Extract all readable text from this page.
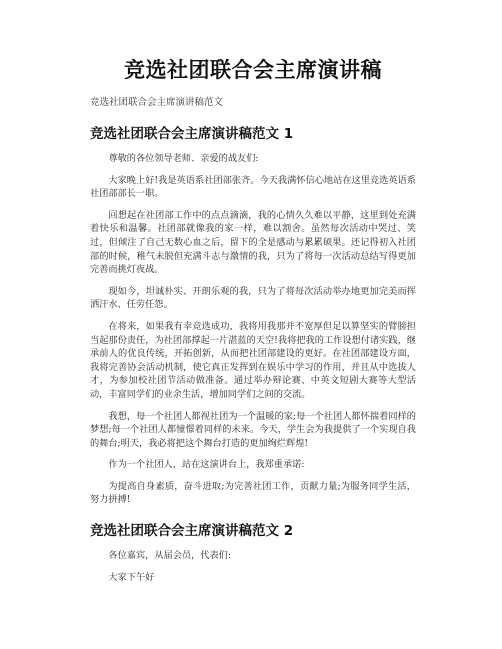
竞选社团联合会主席演讲稿

竞选社团联合会主席演讲稿范文

竞选社团联合会主席演讲稿范文 1

尊敬的各位领导老师、亲爱的战友们:

大家晚上好!我是英语系社团部张齐。今天我满怀信心地站在这里竞选英语系社团部部长一职。

回想起在社团部工作中的点点滴滴，我的心情久久难以平静，这里到处充满着快乐和温馨。社团部就像我的家一样，难以割舍。虽然每次活动中哭过、笑过，但倾注了自己无数心血之后，留下的全是感动与累累硕果。还记得初入社团部的时候，稚气未脱但充满斗志与激情的我，只为了将每一次活动总结写得更加完善而挑灯夜战。

现如今，坦诚朴实、开朗乐观的我，只为了将每次活动举办地更加完美而挥洒汗水、任劳任怨。

在将来，如果我有幸竞选成功，我将用我那并不宽厚但足以算坚实的臂膀担当起那份责任，为社团部撑起一片湛蓝的天空!我将把我的工作设想付诸实践，继承前人的优良传统，开拓创新，从而把社团部建设的更好。在社团部建设方面，我将完善协会活动机制，使它真正发挥到在娱乐中学习的作用，并且从中选拔人才，为参加校社团节活动做准备。通过举办辩论赛、中英文短剧大赛等大型活动，丰富同学们的业余生活，增加同学们之间的交流。

我想，每一个社团人都视社团为一个温暖的家;每一个社团人都怀揣着同样的梦想;每一个社团人都憧憬着同样的未来。今天，学生会为我提供了一个实现自我的舞台;明天，我必将把这个舞台打造的更加绚烂辉煌!

作为一个社团人，站在这演讲台上，我郑重承诺:

为提高自身素质，奋斗进取;为完善社团工作，贡献力量;为服务同学生活，努力拼搏!

竞选社团联合会主席演讲稿范文 2

各位嘉宾，从届会员，代表们:

大家下午好
